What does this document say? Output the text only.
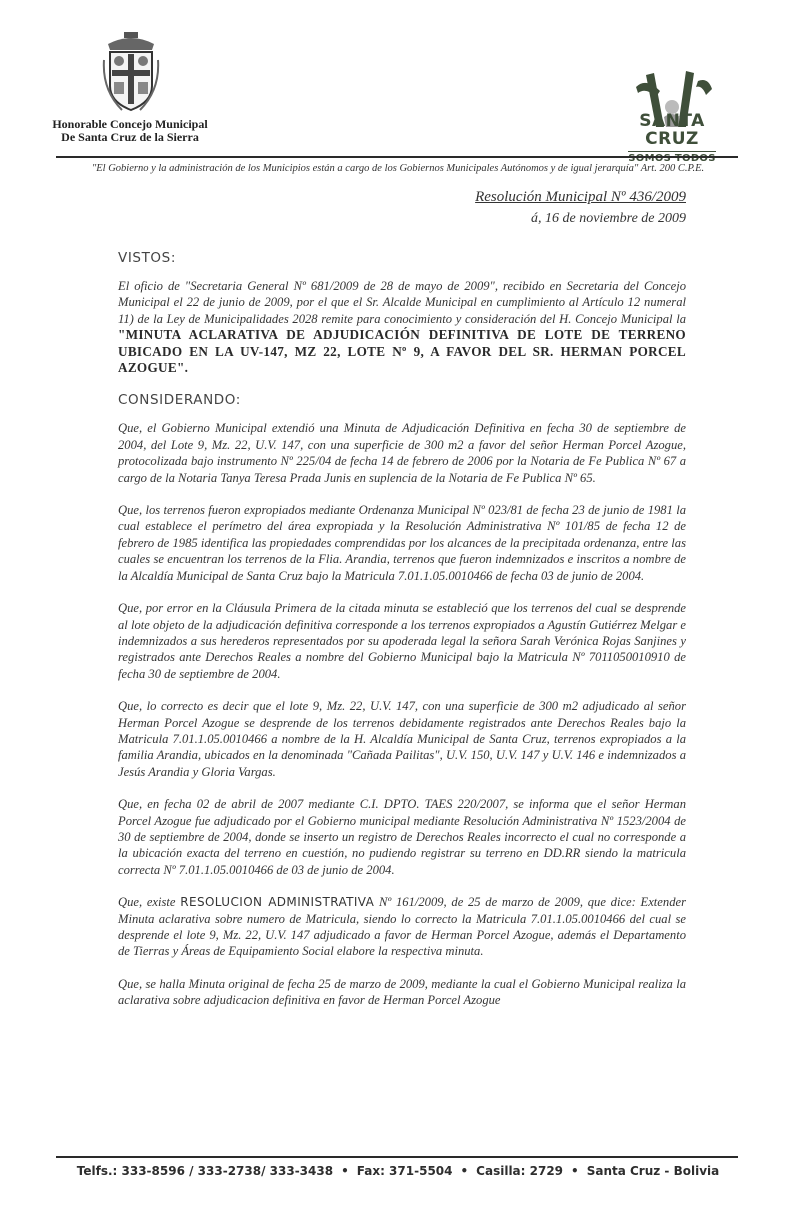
Honorable Concejo Municipal
De Santa Cruz de la Sierra
SANTA CRUZ
SOMOS TODOS
"El Gobierno y la administración de los Municipios están a cargo de los Gobiernos Municipales Autónomos y de igual jerarquía" Art. 200 C.P.E.
Resolución Municipal Nº 436/2009
á, 16 de noviembre de 2009
VISTOS:

El oficio de "Secretaria General Nº 681/2009 de 28 de mayo de 2009", recibido en Secretaria del Concejo Municipal el 22 de junio de 2009, por el que el Sr. Alcalde Municipal en cumplimiento al Artículo 12 numeral 11) de la Ley de Municipalidades 2028 remite para conocimiento y consideración del H. Concejo Municipal la "MINUTA ACLARATIVA DE ADJUDICACIÓN DEFINITIVA DE LOTE DE TERRENO UBICADO EN LA UV-147, MZ 22, LOTE Nº 9, A FAVOR DEL SR. HERMAN PORCEL AZOGUE".

CONSIDERANDO:

Que, el Gobierno Municipal extendió una Minuta de Adjudicación Definitiva en fecha 30 de septiembre de 2004, del Lote 9, Mz. 22, U.V. 147, con una superficie de 300 m2 a favor del señor Herman Porcel Azogue, protocolizada bajo instrumento Nº 225/04 de fecha 14 de febrero de 2006 por la Notaria de Fe Publica Nº 67 a cargo de la Notaria Tanya Teresa Prada Junis en suplencia de la Notaria de Fe Publica Nº 65.

Que, los terrenos fueron expropiados mediante Ordenanza Municipal Nº 023/81 de fecha 23 de junio de 1981 la cual establece el perímetro del área expropiada y la Resolución Administrativa Nº 101/85 de fecha 12 de febrero de 1985 identifica las propiedades comprendidas por los alcances de la precipitada ordenanza, entre las cuales se encuentran los terrenos de la Flia. Arandia, terrenos que fueron indemnizados e inscritos a nombre de la Alcaldía Municipal de Santa Cruz bajo la Matricula 7.01.1.05.0010466 de fecha 03 de junio de 2004.

Que, por error en la Cláusula Primera de la citada minuta se estableció que los terrenos del cual se desprende al lote objeto de la adjudicación definitiva corresponde a los terrenos expropiados a Agustín Gutiérrez Melgar e indemnizados a sus herederos representados por su apoderada legal la señora Sarah Verónica Rojas Sanjines y registrados ante Derechos Reales a nombre del Gobierno Municipal bajo la Matricula Nº 7011050010910 de fecha 30 de septiembre de 2004.

Que, lo correcto es decir que el lote 9, Mz. 22, U.V. 147, con una superficie de 300 m2 adjudicado al señor Herman Porcel Azogue se desprende de los terrenos debidamente registrados ante Derechos Reales bajo la Matricula 7.01.1.05.0010466 a nombre de la H. Alcaldía Municipal de Santa Cruz, terrenos expropiados a la familia Arandia, ubicados en la denominada "Cañada Pailitas", U.V. 150, U.V. 147 y U.V. 146 e indemnizados a Jesús Arandia y Gloria Vargas.

Que, en fecha 02 de abril de 2007 mediante C.I. DPTO. TAES 220/2007, se informa que el señor Herman Porcel Azogue fue adjudicado por el Gobierno municipal mediante Resolución Administrativa Nº 1523/2004 de 30 de septiembre de 2004, donde se inserto un registro de Derechos Reales incorrecto el cual no corresponde a la ubicación exacta del terreno en cuestión, no pudiendo registrar su terreno en DD.RR siendo la matricula correcta Nº 7.01.1.05.0010466 de 03 de junio de 2004.

Que, existe RESOLUCION ADMINISTRATIVA Nº 161/2009, de 25 de marzo de 2009, que dice: Extender Minuta aclarativa sobre numero de Matricula, siendo lo correcto la Matricula 7.01.1.05.0010466 del cual se desprende el lote 9, Mz. 22, U.V. 147 adjudicado a favor de Herman Porcel Azogue, además el Departamento de Tierras y Áreas de Equipamiento Social elabore la respectiva minuta.

Que, se halla Minuta original de fecha 25 de marzo de 2009, mediante la cual el Gobierno Municipal realiza la aclarativa sobre adjudicacion definitiva en favor de Herman Porcel Azogue

Telfs.: 333-8596 / 333-2738/ 333-3438 • Fax: 371-5504 • Casilla: 2729 • Santa Cruz - Bolivia
